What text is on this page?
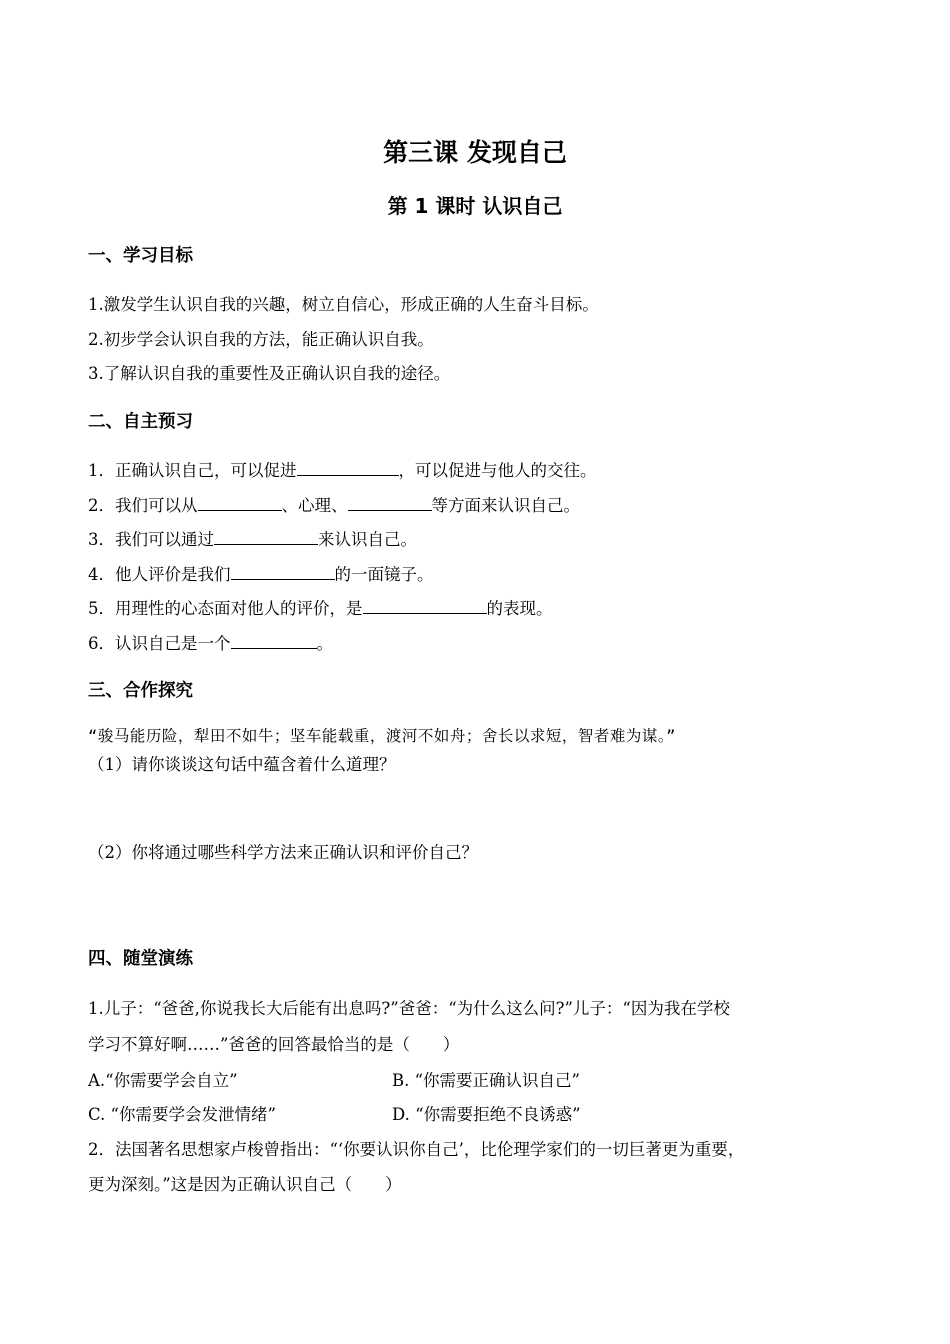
第三课 发现自己
第 1 课时 认识自己
一、学习目标
1.激发学生认识自我的兴趣，树立自信心，形成正确的人生奋斗目标。
2.初步学会认识自我的方法，能正确认识自我。
3.了解认识自我的重要性及正确认识自我的途径。
二、自主预习
1．正确认识自己，可以促进	，可以促进与他人的交往。
2．我们可以从	、心理、	等方面来认识自己。
3．我们可以通过	来认识自己。
4．他人评价是我们	的一面镜子。
5．用理性的心态面对他人的评价，是	的表现。
6．认识自己是一个	。
三、合作探究
“骏马能历险，犁田不如牛；坚车能载重，渡河不如舟；舍长以求短，智者难为谋。”
（1）请你谈谈这句话中蕴含着什么道理？
（2）你将通过哪些科学方法来正确认识和评价自己？
四、随堂演练
1.儿子：“爸爸,你说我长大后能有出息吗?”爸爸：“为什么这么问?”儿子：“因为我在学校
学习不算好啊……”爸爸的回答最恰当的是（　　）
A.“你需要学会自立”	B. “你需要正确认识自己”
C. “你需要学会发泄情绪”	D. “你需要拒绝不良诱惑”
2．法国著名思想家卢梭曾指出：“‘你要认识你自己’，比伦理学家们的一切巨著更为重要，
更为深刻。”这是因为正确认识自己（　　）
